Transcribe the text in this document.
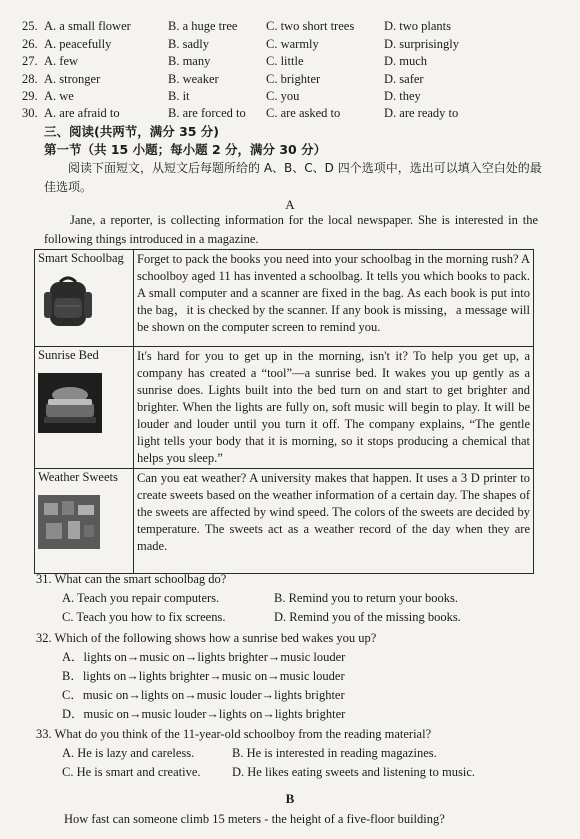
25. A. a small flower	B. a huge tree C. two short trees D. two plants
26. A. peacefully	B. sadly	C. warmly	D. surprisingly
27. A. few	B. many	C. little	D. much
28. A. stronger	B. weaker	C. brighter	D. safer
29. A. we	B. it	C. you	D. they
30. A. are afraid to	B. are forced to C. are asked to	D. are ready to
三、阅读(共两节，满分 35 分)
第一节（共 15 小题；每小题 2 分，满分 30 分）
阅读下面短文，从短文后每题所给的 A、B、C、D 四个选项中，选出可以填入空白处的最佳选项。
A
Jane, a reporter, is collecting information for the local newspaper. She is interested in the following things introduced in a magazine.
Smart Schoolbag	Forget to pack the books you need into your schoolbag in the morning rush? A schoolboy aged 11 has invented a schoolbag. It tells you which books to pack. A small computer and a scanner are fixed in the bag. As each book is put into the bag，it is checked by the scanner. If any book is missing，a message will be shown on the computer screen to remind you.

Sunrise Bed	It's hard for you to get up in the morning, isn't it? To help you get up, a company has created a “tool”—a sunrise bed. It wakes you up gently as a sunrise does. Lights built into the bed turn on and start to get brighter and brighter. When the lights are fully on, soft music will begin to play. It will be louder and louder until you turn it off. The company explains, “The gentle light tells your body that it is morning, so it stops producing a chemical that helps you sleep.”

Weather Sweets	Can you eat weather? A university makes that happen. It uses a 3 D printer to create sweets based on the weather information of a certain day. The shapes of the sweets are affected by wind speed. The colors of the sweets are decided by temperature. The sweets act as a weather record of the day when they are made.
31. What can the smart schoolbag do?
A. Teach you repair computers.	B. Remind you to return your books.
C. Teach you how to fix screens.	D. Remind you of the missing books.
32. Which of the following shows how a sunrise bed wakes you up?
A．lights on→music on→lights brighter→music louder
B．lights on→lights brighter→music on→music louder
C．music on→lights on→music louder→lights brighter
D．music on→music louder→lights on→lights brighter
33. What do you think of the 11-year-old schoolboy from the reading material?
A. He is lazy and careless.	B. He is interested in reading magazines.
C. He is smart and creative.	D. He likes eating sweets and listening to music.
B
How fast can someone climb 15 meters - the height of a five-floor building?
